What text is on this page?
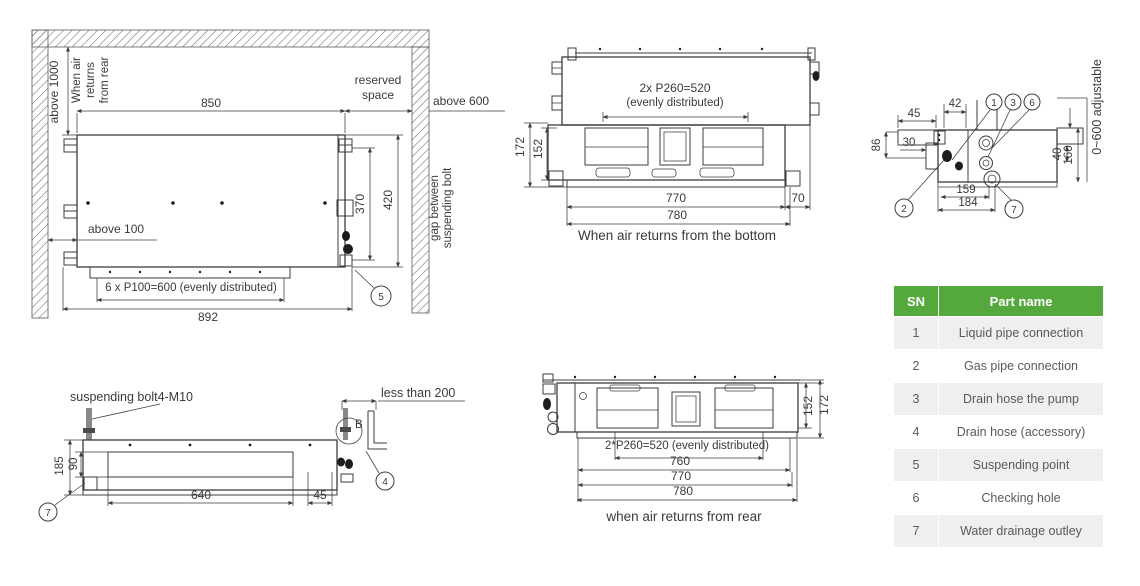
850
reserved
space	above 600
above 1000 When air returns from rear
above 100
370 420	gap between suspending bolt
6 x P100=600 (evenly distributed)
892
5
2x P260=520
(evenly distributed)
172 152
770	70
780
When air returns from the bottom
1 3 6
2	7
45
42
86 30
159
184
40 160
0~600 adjustable
suspending bolt4-M10
B
less than 200
185 90
640	45
7
4
152 172
2*P260=520 (evenly distributed)
760
770
780
when air returns from rear
SN	Part name
1	Liquid pipe connection
2	Gas pipe connection
3	Drain hose the pump
4	Drain hose (accessory)
5	Suspending point
6	Checking hole
7	Water drainage outley
